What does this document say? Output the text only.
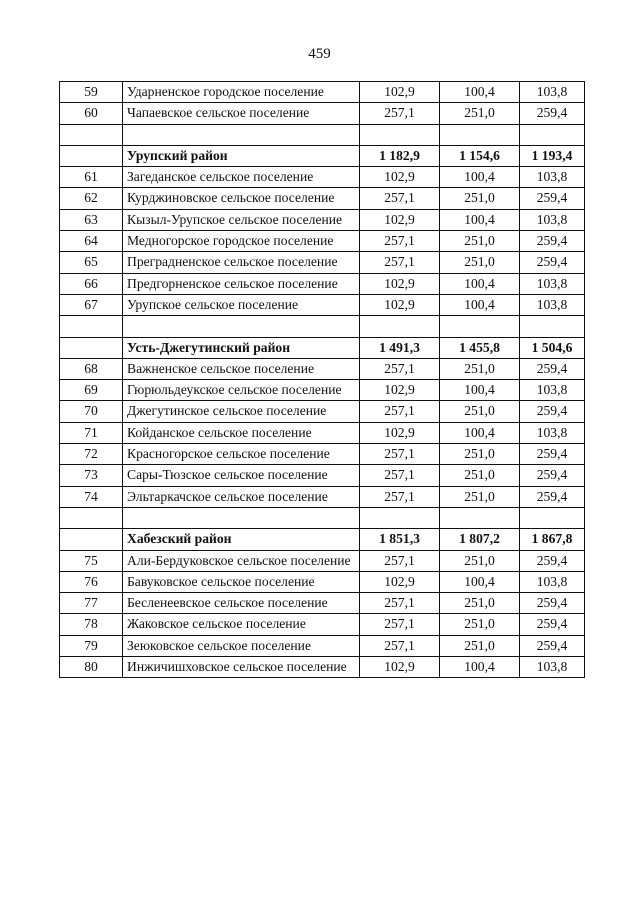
459
59	Ударненское городское поселение	102,9	100,4	103,8
60	Чапаевское сельское поселение	257,1	251,0	259,4

	Урупский район	1 182,9	1 154,6	1 193,4
61	Загеданское сельское поселение	102,9	100,4	103,8
62	Курджиновское сельское поселение	257,1	251,0	259,4
63	Кызыл-Урупское сельское поселение	102,9	100,4	103,8
64	Медногорское городское поселение	257,1	251,0	259,4
65	Преградненское сельское поселение	257,1	251,0	259,4
66	Предгорненское сельское поселение	102,9	100,4	103,8
67	Урупское сельское поселение	102,9	100,4	103,8

	Усть-Джегутинский район	1 491,3	1 455,8	1 504,6
68	Важненское сельское поселение	257,1	251,0	259,4
69	Гюрюльдеукское сельское поселение	102,9	100,4	103,8
70	Джегутинское сельское поселение	257,1	251,0	259,4
71	Койданское сельское поселение	102,9	100,4	103,8
72	Красногорское сельское поселение	257,1	251,0	259,4
73	Сары-Тюзское сельское поселение	257,1	251,0	259,4
74	Эльтаркачское сельское поселение	257,1	251,0	259,4

	Хабезский район	1 851,3	1 807,2	1 867,8
75	Али-Бердуковское сельское поселение	257,1	251,0	259,4
76	Бавуковское сельское поселение	102,9	100,4	103,8
77	Бесленеевское сельское поселение	257,1	251,0	259,4
78	Жаковское сельское поселение	257,1	251,0	259,4
79	Зеюковское сельское поселение	257,1	251,0	259,4
80	Инжичишховское сельское поселение	102,9	100,4	103,8
